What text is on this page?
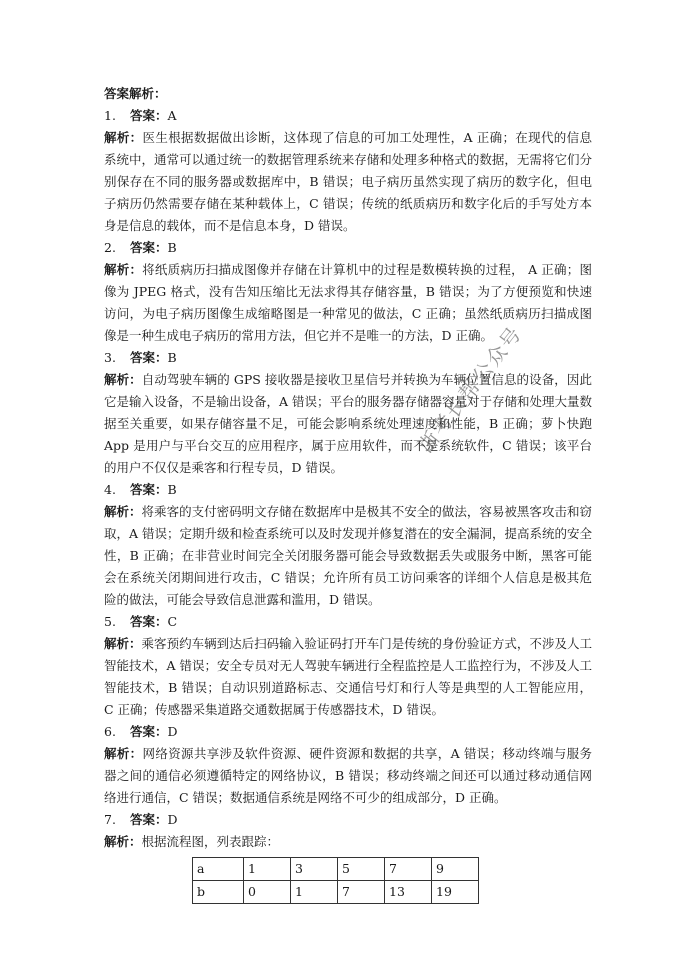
答案解析：
1. 答案：A
解析：医生根据数据做出诊断，这体现了信息的可加工处理性，A 正确；在现代的信息系统中，通常可以通过统一的数据管理系统来存储和处理多种格式的数据，无需将它们分别保存在不同的服务器或数据库中，B 错误；电子病历虽然实现了病历的数字化，但电子病历仍然需要存储在某种载体上，C 错误；传统的纸质病历和数字化后的手写处方本身是信息的载体，而不是信息本身，D 错误。
2. 答案：B
解析：将纸质病历扫描成图像并存储在计算机中的过程是数模转换的过程， A 正确；图像为 JPEG 格式，没有告知压缩比无法求得其存储容量，B 错误；为了方便预览和快速访问，为电子病历图像生成缩略图是一种常见的做法，C 正确；虽然纸质病历扫描成图像是一种生成电子病历的常用方法，但它并不是唯一的方法，D 正确。
3. 答案：B
解析：自动驾驶车辆的 GPS 接收器是接收卫星信号并转换为车辆位置信息的设备，因此它是输入设备，不是输出设备，A 错误；平台的服务器存储器容量对于存储和处理大量数据至关重要，如果存储容量不足，可能会影响系统处理速度和性能，B 正确；萝卜快跑 App 是用户与平台交互的应用程序，属于应用软件，而不是系统软件，C 错误；该平台的用户不仅仅是乘客和行程专员，D 错误。
4. 答案：B
解析：将乘客的支付密码明文存储在数据库中是极其不安全的做法，容易被黑客攻击和窃取，A 错误；定期升级和检查系统可以及时发现并修复潜在的安全漏洞，提高系统的安全性，B 正确；在非营业时间完全关闭服务器可能会导致数据丢失或服务中断，黑客可能会在系统关闭期间进行攻击，C 错误；允许所有员工访问乘客的详细个人信息是极其危险的做法，可能会导致信息泄露和滥用，D 错误。
5. 答案：C
解析：乘客预约车辆到达后扫码输入验证码打开车门是传统的身份验证方式，不涉及人工智能技术，A 错误；安全专员对无人驾驶车辆进行全程监控是人工监控行为，不涉及人工智能技术，B 错误；自动识别道路标志、交通信号灯和行人等是典型的人工智能应用， C 正确；传感器采集道路交通数据属于传感器技术，D 错误。
6. 答案：D
解析：网络资源共享涉及软件资源、硬件资源和数据的共享，A 错误；移动终端与服务器之间的通信必须遵循特定的网络协议，B 错误；移动终端之间还可以通过移动通信网络进行通信，C 错误；数据通信系统是网络不可少的组成部分，D 正确。
7. 答案：D
解析：根据流程图，列表跟踪：
a	1	3	5	7	9
b	0	1	7	13	19
浙考长帮公众号
